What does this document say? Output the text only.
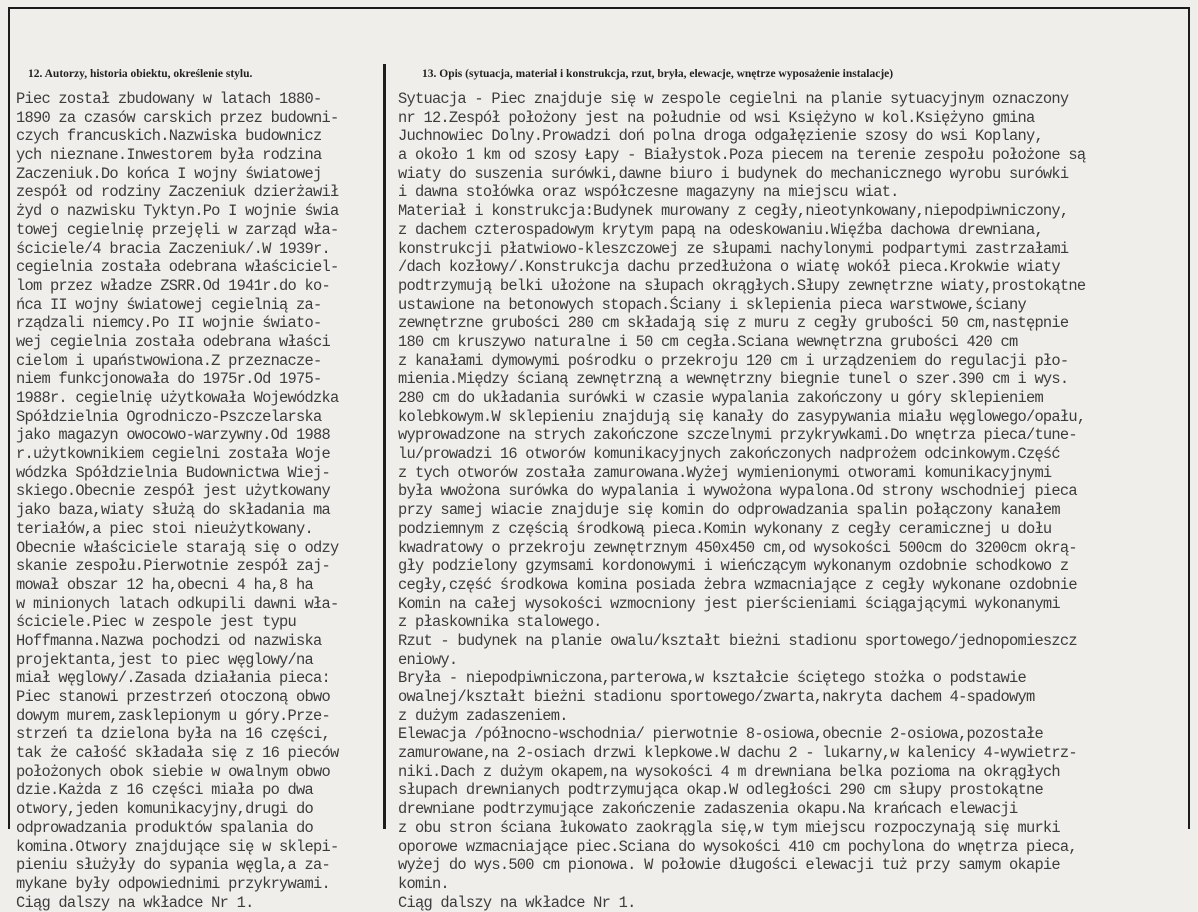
12. Autorzy, historia obiektu, określenie stylu.	13. Opis (sytuacja, materiał i konstrukcja, rzut, bryła, elewacje, wnętrze wyposażenie instalacje)
Piec został zbudowany w latach 1880-
1890 za czasów carskich przez budowni-
czych francuskich.Nazwiska budownicz
ych nieznane.Inwestorem była rodzina
Zaczeniuk.Do końca I wojny światowej
zespół od rodziny Zaczeniuk dzierżawił
żyd o nazwisku Tyktyn.Po I wojnie świa
towej cegielnię przejęli w zarząd wła-
ściciele/4 bracia Zaczeniuk/.W 1939r.
cegielnia została odebrana właściciel-
lom przez władze ZSRR.Od 1941r.do ko-
ńca II wojny światowej cegielnią za-
rządzali niemcy.Po II wojnie świato-
wej cegielnia została odebrana właści
cielom i upaństwowiona.Z przeznacze-
niem funkcjonowała do 1975r.Od 1975-
1988r. cegielnię użytkowała Wojewódzka
Spółdzielnia Ogrodniczo-Pszczelarska
jako magazyn owocowo-warzywny.Od 1988
r.użytkownikiem cegielni została Woje
wódzka Spółdzielnia Budownictwa Wiej-
skiego.Obecnie zespół jest użytkowany
jako baza,wiaty służą do składania ma
teriałów,a piec stoi nieużytkowany.
Obecnie właściciele starają się o odzy
skanie zespołu.Pierwotnie zespół zaj-
mował obszar 12 ha,obecni 4 ha,8 ha
w minionych latach odkupili dawni wła-
ściciele.Piec w zespole jest typu
Hoffmanna.Nazwa pochodzi od nazwiska
projektanta,jest to piec węglowy/na
miał węglowy/.Zasada działania pieca:
Piec stanowi przestrzeń otoczoną obwo
dowym murem,zasklepionym u góry.Prze-
strzeń ta dzielona była na 16 części,
tak że całość składała się z 16 pieców
położonych obok siebie w owalnym obwo
dzie.Każda z 16 części miała po dwa
otwory,jeden komunikacyjny,drugi do
odprowadzania produktów spalania do
komina.Otwory znajdujące się w sklepi-
pieniu służyły do sypania węgla,a za-
mykane były odpowiednimi przykrywami.
Ciąg dalszy na wkładce Nr 1.
Sytuacja - Piec znajduje się w zespole cegielni na planie sytuacyjnym oznaczony
nr 12.Zespół położony jest na południe od wsi Księżyno w kol.Księżyno gmina
Juchnowiec Dolny.Prowadzi doń polna droga odgałęzienie szosy do wsi Koplany,
a około 1 km od szosy Łapy - Białystok.Poza piecem na terenie zespołu położone są
wiaty do suszenia surówki,dawne biuro i budynek do mechanicznego wyrobu surówki
i dawna stołówka oraz współczesne magazyny na miejscu wiat.
Materiał i konstrukcja:Budynek murowany z cegły,nieotynkowany,niepodpiwniczony,
z dachem czterospadowym krytym papą na odeskowaniu.Więźba dachowa drewniana,
konstrukcji płatwiowo-kleszczowej ze słupami nachylonymi podpartymi zastrzałami
/dach kozłowy/.Konstrukcja dachu przedłużona o wiatę wokół pieca.Krokwie wiaty
podtrzymują belki ułożone na słupach okrągłych.Słupy zewnętrzne wiaty,prostokątne
ustawione na betonowych stopach.Ściany i sklepienia pieca warstwowe,ściany
zewnętrzne grubości 280 cm składają się z muru z cegły grubości 50 cm,następnie
180 cm kruszywo naturalne i 50 cm cegła.Sciana wewnętrzna grubości 420 cm
z kanałami dymowymi pośrodku o przekroju 120 cm i urządzeniem do regulacji pło-
mienia.Między ścianą zewnętrzną a wewnętrzny biegnie tunel o szer.390 cm i wys.
280 cm do układania surówki w czasie wypalania zakończony u góry sklepieniem
kolebkowym.W sklepieniu znajdują się kanały do zasypywania miału węglowego/opału,
wyprowadzone na strych zakończone szczelnymi przykrywkami.Do wnętrza pieca/tune-
lu/prowadzi 16 otworów komunikacyjnych zakończonych nadprożem odcinkowym.Część
z tych otworów została zamurowana.Wyżej wymienionymi otworami komunikacyjnymi
była wwożona surówka do wypalania i wywożona wypalona.Od strony wschodniej pieca
przy samej wiacie znajduje się komin do odprowadzania spalin połączony kanałem
podziemnym z częścią środkową pieca.Komin wykonany z cegły ceramicznej u dołu
kwadratowy o przekroju zewnętrznym 450x450 cm,od wysokości 500cm do 3200cm okrą-
gły podzielony gzymsami kordonowymi i wieńczącym wykonanym ozdobnie schodkowo z
cegły,część środkowa komina posiada żebra wzmacniające z cegły wykonane ozdobnie
Komin na całej wysokości wzmocniony jest pierścieniami ściągającymi wykonanymi
z płaskownika stalowego.
Rzut - budynek na planie owalu/kształt bieżni stadionu sportowego/jednopomieszcz
eniowy.
Bryła - niepodpiwniczona,parterowa,w kształcie ściętego stożka o podstawie
owalnej/kształt bieżni stadionu sportowego/zwarta,nakryta dachem 4-spadowym
z dużym zadaszeniem.
Elewacja /północno-wschodnia/ pierwotnie 8-osiowa,obecnie 2-osiowa,pozostałe
zamurowane,na 2-osiach drzwi klepkowe.W dachu 2 - lukarny,w kalenicy 4-wywietrz-
niki.Dach z dużym okapem,na wysokości 4 m drewniana belka pozioma na okrągłych
słupach drewnianych podtrzymująca okap.W odległości 290 cm słupy prostokątne
drewniane podtrzymujące zakończenie zadaszenia okapu.Na krańcach elewacji
z obu stron ściana łukowato zaokrągla się,w tym miejscu rozpoczynają się murki
oporowe wzmacniające piec.Sciana do wysokości 410 cm pochylona do wnętrza pieca,
wyżej do wys.500 cm pionowa. W połowie długości elewacji tuż przy samym okapie
komin.
Ciąg dalszy na wkładce Nr 1.
